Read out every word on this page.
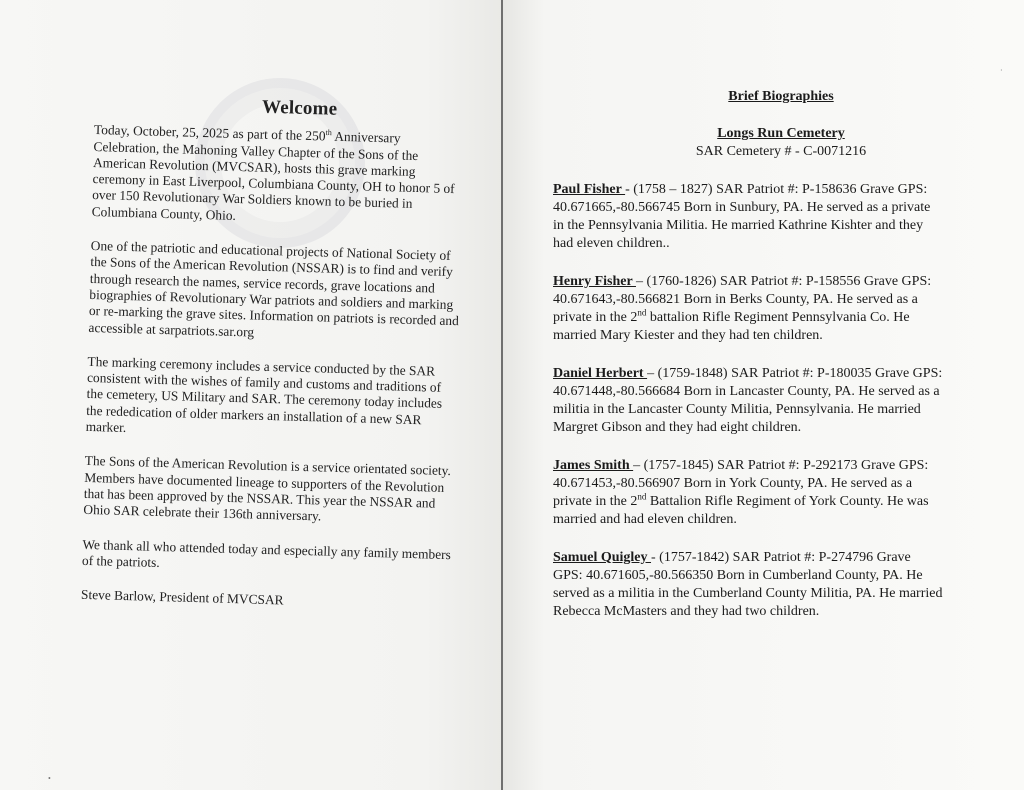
Welcome

Today, October, 25, 2025 as part of the 250th Anniversary Celebration, the Mahoning Valley Chapter of the Sons of the American Revolution (MVCSAR), hosts this grave marking ceremony in East Liverpool, Columbiana County, OH to honor 5 of over 150 Revolutionary War Soldiers known to be buried in Columbiana County, Ohio.

One of the patriotic and educational projects of National Society of the Sons of the American Revolution (NSSAR) is to find and verify through research the names, service records, grave locations and biographies of Revolutionary War patriots and soldiers and marking or re-marking the grave sites. Information on patriots is recorded and accessible at sarpatriots.sar.org

The marking ceremony includes a service conducted by the SAR consistent with the wishes of family and customs and traditions of the cemetery, US Military and SAR. The ceremony today includes the rededication of older markers an installation of a new SAR marker.

The Sons of the American Revolution is a service orientated society. Members have documented lineage to supporters of the Revolution that has been approved by the NSSAR. This year the NSSAR and Ohio SAR celebrate their 136th anniversary.

We thank all who attended today and especially any family members of the patriots.

Steve Barlow, President of MVCSAR
•
·
Brief Biographies
Longs Run Cemetery
SAR Cemetery # - C-0071216
Paul Fisher - (1758 – 1827) SAR Patriot #: P-158636 Grave GPS: 40.671665,-80.566745 Born in Sunbury, PA. He served as a private in the Pennsylvania Militia. He married Kathrine Kishter and they had eleven children..
Henry Fisher – (1760-1826) SAR Patriot #: P-158556 Grave GPS: 40.671643,-80.566821 Born in Berks County, PA. He served as a private in the 2nd battalion Rifle Regiment Pennsylvania Co. He married Mary Kiester and they had ten children.
Daniel Herbert – (1759-1848) SAR Patriot #: P-180035 Grave GPS: 40.671448,-80.566684 Born in Lancaster County, PA. He served as a militia in the Lancaster County Militia, Pennsylvania. He married Margret Gibson and they had eight children.
James Smith – (1757-1845) SAR Patriot #: P-292173 Grave GPS: 40.671453,-80.566907 Born in York County, PA. He served as a private in the 2nd Battalion Rifle Regiment of York County. He was married and had eleven children.
Samuel Quigley - (1757-1842) SAR Patriot #: P-274796 Grave GPS: 40.671605,-80.566350 Born in Cumberland County, PA. He served as a militia in the Cumberland County Militia, PA. He married Rebecca McMasters and they had two children.
